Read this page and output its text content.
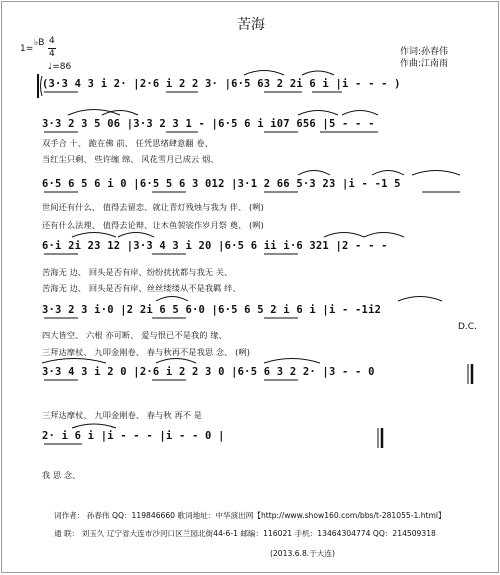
苦海
1=
♭B 4
4
♩=86
作词:孙春伟
作曲:江南雨
(3·3 4 3 i 2· |2·6 i 2 2 3· |6·5 63 2 2i 6 i |i - - - )
3·3 2 3 5 06 |3·3 2 3 1 - |6·5 6 i i07 656 |5 - - -
双手合 十、 跪在佛 前、 任凭思绪肆意翻 卷、
当红尘只剩、 些许缠 绵、 风花雪月已成云 烟、
6·5 6 5 6 i 0 |6·5 5 6 3 012 |3·1 2 66 5·3 23 |i - -1 5
世间还有什么、 值得去留恋、就让青灯残烛与我为 伴、 (咧)
还有什么法理、 值得去论辩、让木鱼袈裟作岁月祭 奠、 (咧)
6·i 2i 23 12 |3·3 4 3 i 20 |6·5 6 ii i·6 321 |2 - - -
苦海无 边、 回头是否有岸、纷纷扰扰都与我无 关、
苦海无 边、 回头是否有岸、丝丝缕缕从不是我羁 绊、
3·3 2 3 i·0 |2 2i 6 5 6·0 |6·5 6 5 2 i 6 i |i - -1i2
四大皆空、 六根 亦可断、 爱与恨已不是我的 缘、
三拜达摩杖、 九叩金刚卷、 春与秋再不是我思 念、 (咧)
3·3 4 3 i 2 0 |2·6 i 2 2 3 0 |6·5 6 3 2 2· |3 - - 0
三拜达摩杖、 九叩金刚卷、 春与秋 再不 是
2· i 6 i |i - - - |i - - 0 |
我 思 念、
D.C.
词作者： 孙春伟 QQ：119846660 歌词地址：中华演出网【http://www.show160.com/bbs/t-281055-1.html】
通 联： 刘玉久 辽宁省大连市沙河口区兰园北街44-6-1 邮编：116021 手机：13464304774 QQ：214509318
(2013.6.8.于大连)
